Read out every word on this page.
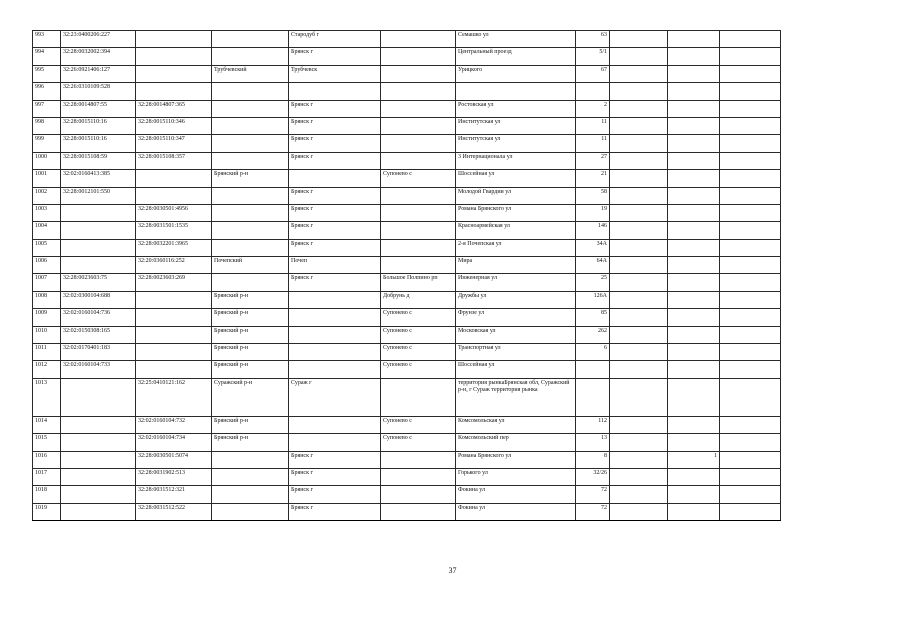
993	32:23:0400206:227			Стародуб г		Семашко ул	63			
994	32:28:0032002:394			Брянск г		Центральный проезд	5/1			
995	32:26:0921406:127		Трубчевский	Трубчевск		Урицкого	67			
996	32:26:0310109:528									
997	32:28:0014807:55	32:28:0014807:365		Брянск г		Ростовская ул	2			
998	32:28:0015110:16	32:28:0015110:346		Брянск г		Институтская ул	11			
999	32:28:0015110:16	32:28:0015110:347		Брянск г		Институтская ул	11			
1000	32:28:0015108:59	32:28:0015108:357		Брянск г		3 Интернационала ул	27			
1001	32:02:0160413:385		Брянский р-н		Супонево с	Шоссейная ул	21			
1002	32:28:0012101:550			Брянск г		Молодой Гвардии ул	58			
1003		32:28:0030501:4956		Брянск г		Романа Брянского ул	19			
1004		32:28:0031501:1535		Брянск г		Красноармейская ул	146			
1005		32:28:0032201:3965		Брянск г		2-я Почепская ул	34А			
1006		32:20:0360116:252	Почепский	Почеп		Мира	64А			
1007	32:28:0023603:75	32:28:0023603:269		Брянск г	Большое Полпино рп	Инженерная ул	25			
1008	32:02:0300104:688		Брянский р-н		Добрунь д	Дружбы ул	126А			
1009	32:02:0160104:736		Брянский р-н		Супонево с	Фрунзе ул	85			
1010	32:02:0150308:165		Брянский р-н		Супонево с	Московская ул	262			
1011	32:02:0170401:183		Брянский р-н		Супонево с	Транспортная ул	6			
1012	32:02:0160104:733		Брянский р-н		Супонево с	Шоссейная ул				
1013		32:25:0410121:162	Суражский р-н	Сураж г		территория рынкаБрянская обл, Суражский р-н, г Сураж территория рынка				
1014		32:02:0160104:732	Брянский р-н		Супонево с	Комсомольская ул	112			
1015		32:02:0160104:734	Брянский р-н		Супонево с	Комсомольский пер	13			
1016		32:28:0030501:5074		Брянск г		Романа Брянского ул	8		1	
1017		32:28:0031902:513		Брянск г		Горького ул	32/26			
1018		32:28:0031512:321		Брянск г		Фокина ул	72			
1019		32:28:0031512:522		Брянск г		Фокина ул	72			
37
